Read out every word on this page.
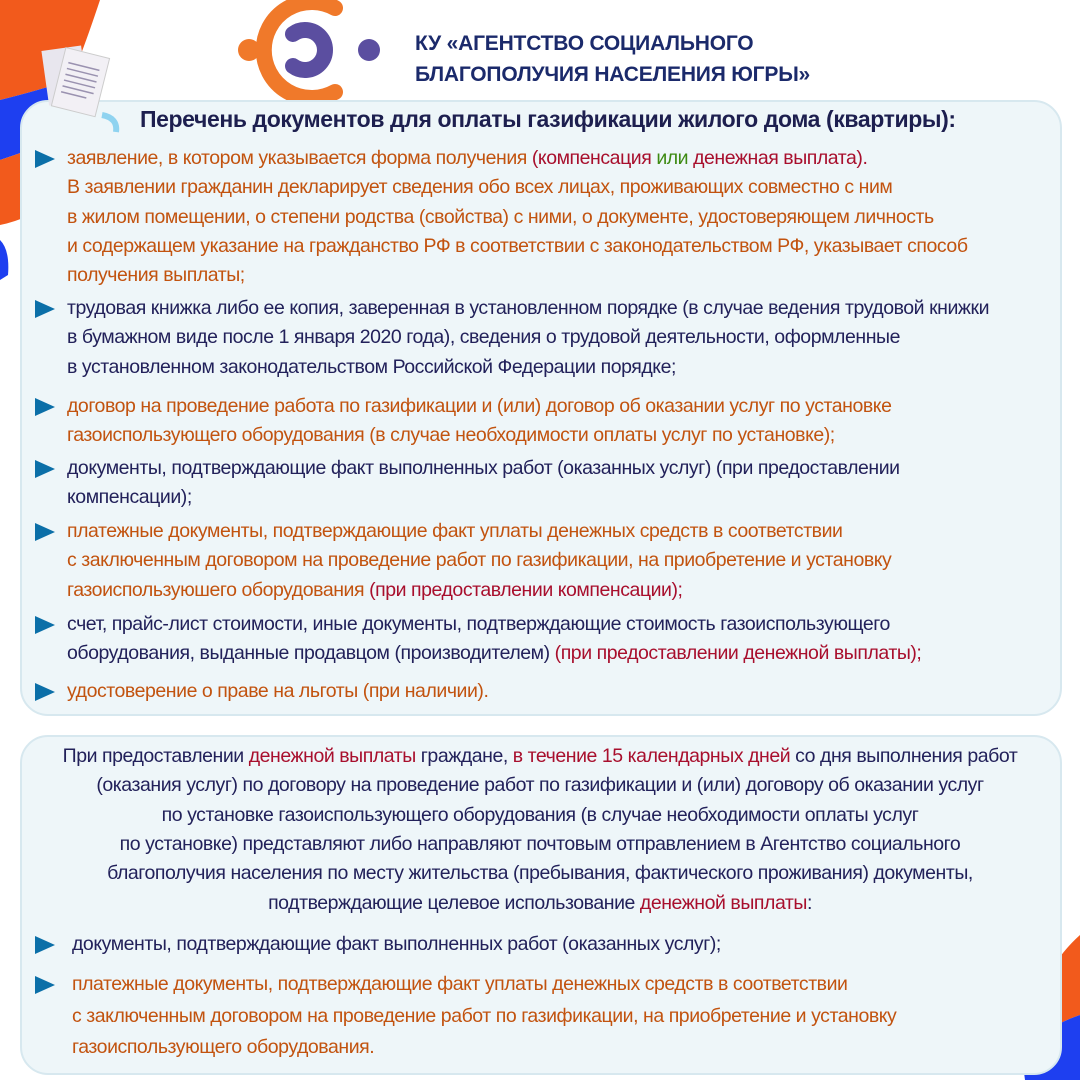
КУ «АГЕНТСТВО СОЦИАЛЬНОГО
БЛАГОПОЛУЧИЯ НАСЕЛЕНИЯ ЮГРЫ»
Перечень документов для оплаты газификации жилого дома (квартиры):
заявление, в котором указывается форма получения (компенсация или денежная выплата).
В заявлении гражданин декларирует сведения обо всех лицах, проживающих совместно с ним
в жилом помещении, о степени родства (свойства) с ними, о документе, удостоверяющем личность
и содержащем указание на гражданство РФ в соответствии с законодательством РФ, указывает способ
получения выплаты;
трудовая книжка либо ее копия, заверенная в установленном порядке (в случае ведения трудовой книжки
в бумажном виде после 1 января 2020 года), сведения о трудовой деятельности, оформленные
в установленном законодательством Российской Федерации порядке;
договор на проведение работа по газификации и (или) договор об оказании услуг по установке
газоиспользующего оборудования (в случае необходимости оплаты услуг по установке);
документы, подтверждающие факт выполненных работ (оказанных услуг) (при предоставлении
компенсации);
платежные документы, подтверждающие факт уплаты денежных средств в соответствии
с заключенным договором на проведение работ по газификации, на приобретение и установку
газоиспользуюшего оборудования (при предоставлении компенсации);
счет, прайс-лист стоимости, иные документы, подтверждающие стоимость газоиспользующего
оборудования, выданные продавцом (производителем) (при предоставлении денежной выплаты);
удостоверение о праве на льготы (при наличии).
При предоставлении денежной выплаты граждане, в течение 15 календарных дней со дня выполнения работ
(оказания услуг) по договору на проведение работ по газификации и (или) договору об оказании услуг
по установке газоиспользующего оборудования (в случае необходимости оплаты услуг
по установке) представляют либо направляют почтовым отправлением в Агентство социального
благополучия населения по месту жительства (пребывания, фактического проживания) документы,
подтверждающие целевое использование денежной выплаты:
документы, подтверждающие факт выполненных работ (оказанных услуг);
платежные документы, подтверждающие факт уплаты денежных средств в соответствии
с заключенным договором на проведение работ по газификации, на приобретение и установку
газоиспользующего оборудования.
